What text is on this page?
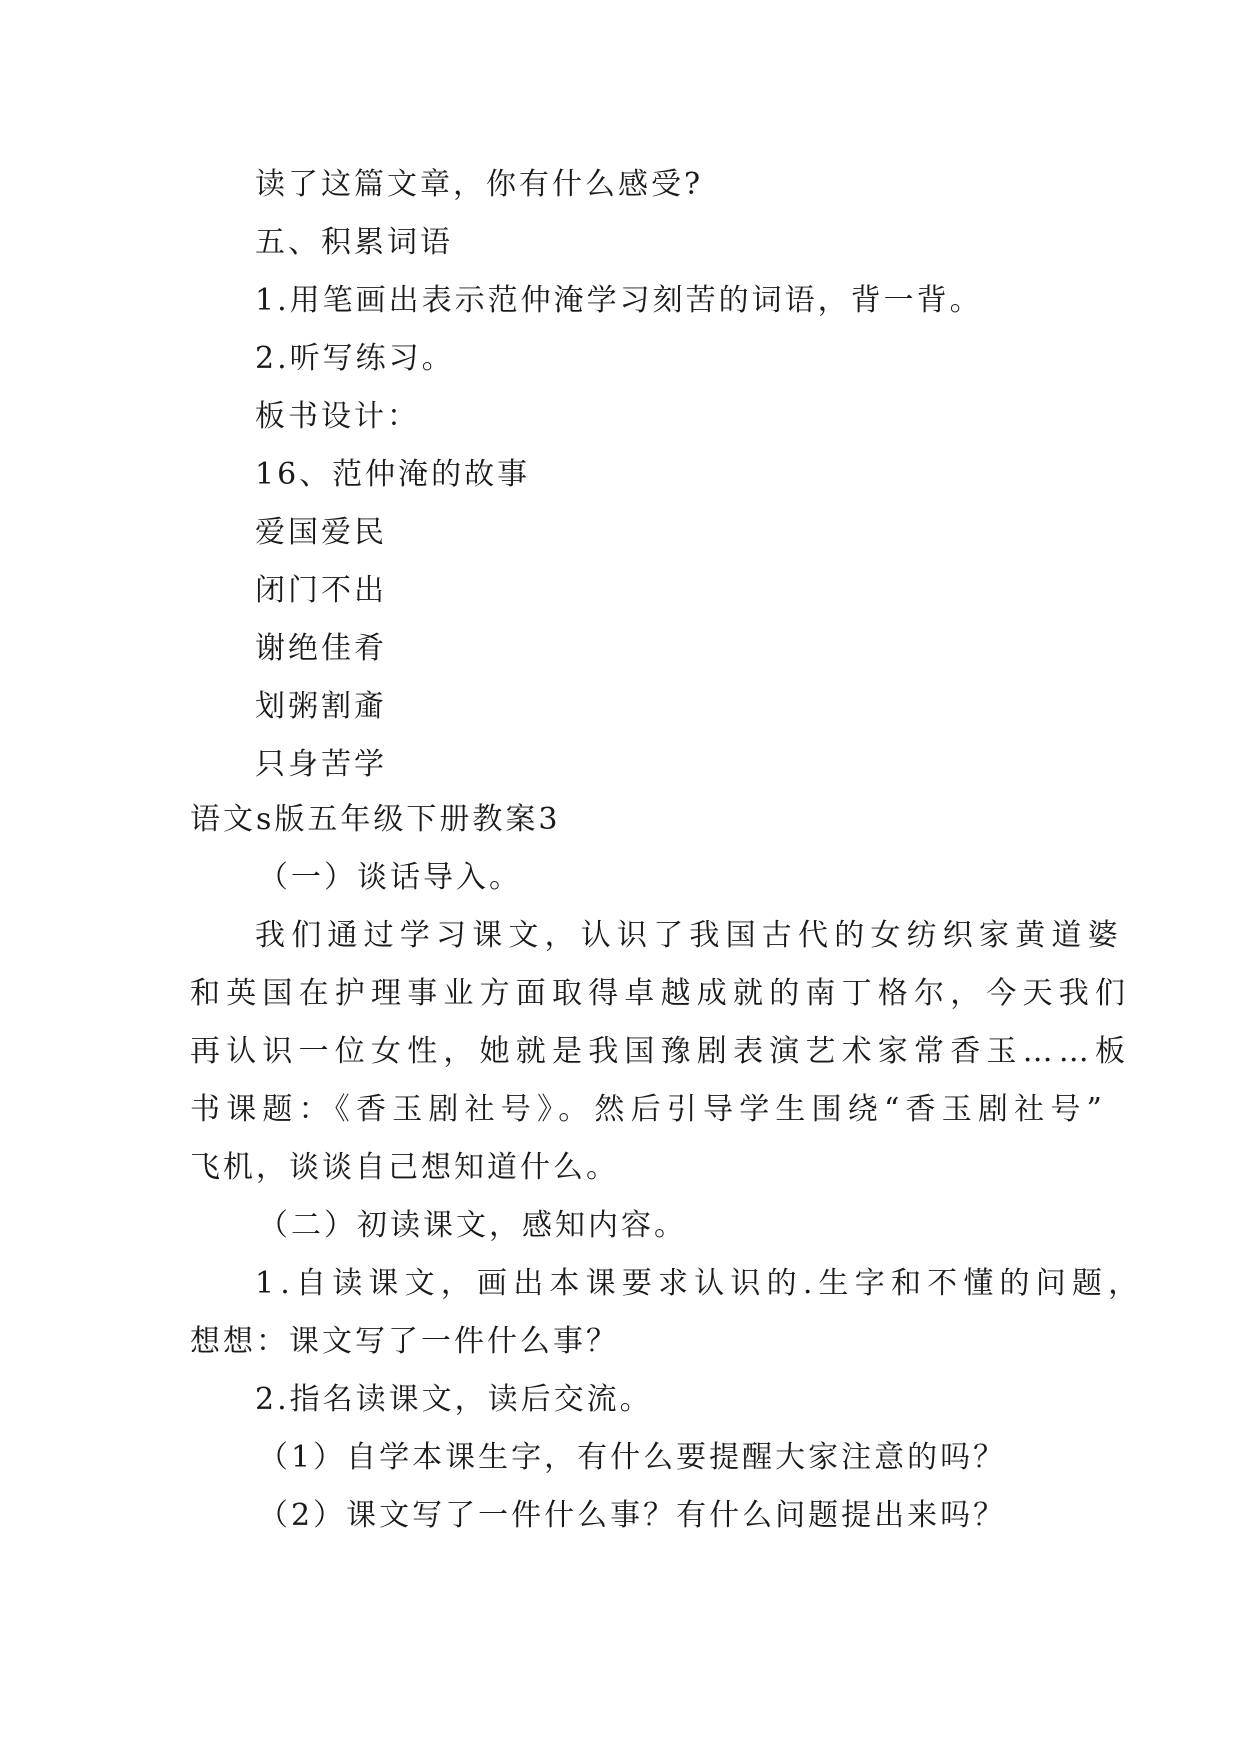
读了这篇文章，你有什么感受?
五、积累词语
1.用笔画出表示范仲淹学习刻苦的词语，背一背。
2.听写练习。
板书设计：
16、范仲淹的故事
爱国爱民
闭门不出
谢绝佳肴
划粥割齑
只身苦学
语文s版五年级下册教案3
（一）谈话导入。
我们通过学习课文，认识了我国古代的女纺织家黄道婆
和英国在护理事业方面取得卓越成就的南丁格尔，今天我们
再认识一位女性，她就是我国豫剧表演艺术家常香玉……板
书课题：《香玉剧社号》。然后引导学生围绕“香玉剧社号”
飞机，谈谈自己想知道什么。
（二）初读课文，感知内容。
1.自读课文，画出本课要求认识的.生字和不懂的问题，
想想：课文写了一件什么事？
2.指名读课文，读后交流。
（1）自学本课生字，有什么要提醒大家注意的吗？
（2）课文写了一件什么事？有什么问题提出来吗？
